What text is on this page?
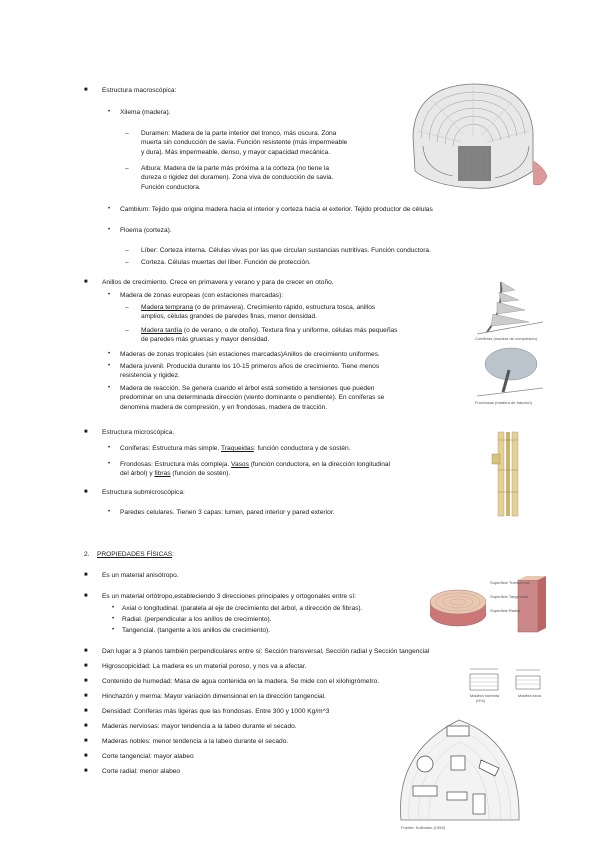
■ Estructura macroscópica:
• Xilema (madera).
– Duramen: Madera de la parte interior del tronco, más oscura. Zona
muerta sin conducción de savia. Función resistente (más impermeable
y dura). Más impermeable, denso, y mayor capacidad mecánica.
– Albura: Madera de la parte más próxima a la corteza (no tiene la
dureza o rigidez del duramen). Zona viva de conducción de savia.
Función conductora.
• Cambium: Tejido que origina madera hacia el interior y corteza hacia el exterior. Tejido productor de células
• Floema (corteza).
– Líber: Corteza interna. Células vivas por las que circulan sustancias nutritivas. Función conductora.
– Corteza. Células muertas del líber. Función de protección.
■ Anillos de crecimiento. Crece en primavera y verano y para de crecer en otoño.
• Madera de zonas europeas (con estaciones marcadas):
– Madera temprana (o de primavera). Crecimiento rápido, estructura tosca, anillos
amplios, células grandes de paredes finas, menor densidad.
– Madera tardía (o de verano, o de otoño). Textura fina y uniforme, células más pequeñas
de paredes más gruesas y mayor densidad.
• Maderas de zonas tropicales (sin estaciones marcadas)Anillos de crecimiento uniformes.
• Madera juvenil. Producida durante los 10-15 primeros años de crecimiento. Tiene menos
resistencia y rigidez.
• Madera de reacción. Se genera cuando el árbol está sometido a tensiones que pueden
predominar en una determinada dirección (viento dominante o pendiente). En coníferas se
denomina madera de compresión, y en frondosas, madera de tracción.
Coníferas (madera de compresión)
Frondosas (madera de tracción)
■ Estructura microscópica.
• Coníferas: Estructura más simple. Traqueidas: función conductora y de sostén.
• Frondosas: Estructura más compleja. Vasos (función conductora, en la dirección longitudinal
del árbol) y fibras (función de sostén).
■ Estructura submicroscópica:
• Paredes celulares. Tienen 3 capas: lumen, pared interior y pared exterior.
2. PROPIEDADES FÍSICAS:
■ Es un material anisótropo.
■ Es un material ortótropo,estableciendo 3 direcciones principales y ortogonales entre sí:
• Axial o longitudinal. (paralela al eje de crecimiento del árbol, a dirección de fibras).
• Radial. (perpendicular a los anillos de crecimiento).
• Tangencial. (tangente a los anillos de crecimiento).
■ Dan lugar a 3 planos también perpendiculares entre sí: Sección transversal, Sección radial y Sección tangencial
■ Higroscopicidad: La madera es un material poroso, y nos va a afectar.
■ Contenido de humedad: Masa de agua contenida en la madera. Se mide con el xilohigrómetro.
■ Hinchazón y merma: Mayor variación dimensional en la dirección tangencial.
■ Densidad: Coníferas más ligeras que las frondosas. Entre 300 y 1000 Kg/m^3
■ Maderas nerviosas: mayor tendencia a la labeo durante el secado.
■ Maderas nobles: menor tendencia a la labeo durante el secado.
■ Corte tangencial: mayor alabeo
■ Corte radial: menor alabeo
Superficie Transversal
Superficie Tangencial
Superficie Radial
Madera húmeda
(H%)
Madera seca
Fuente: Kollmann (1959)
